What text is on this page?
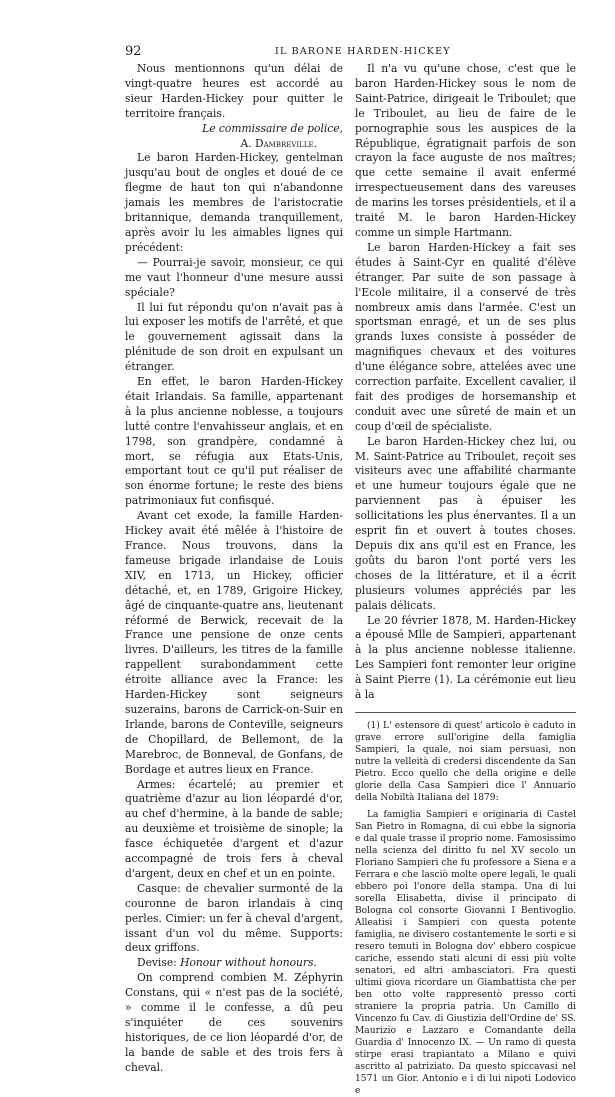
92	IL BARONE HARDEN-HICKEY

Nous mentionnons qu'un délai de vingt-quatre heures est accordé au sieur Harden-Hickey pour quitter le territoire français.

Le commissaire de police,

A. Dambreville.

Le baron Harden-Hickey, gentelman jusqu'au bout de ongles et doué de ce flegme de haut ton qui n'abandonne jamais les membres de l'aristocratie britannique, demanda tranquillement, après avoir lu les aimables lignes qui précédent:

— Pourrai-je savoir, monsieur, ce qui me vaut l'honneur d'une mesure aussi spéciale?

Il lui fut répondu qu'on n'avait pas à lui exposer les motifs de l'arrêté, et que le gouvernement agissait dans la plénitude de son droit en expulsant un étranger.

En effet, le baron Harden-Hickey était Irlandais. Sa famille, appartenant à la plus ancienne noblesse, a toujours lutté contre l'envahisseur anglais, et en 1798, son grandpère, condamné à mort, se réfugia aux Etats-Unis, emportant tout ce qu'il put réaliser de son énorme fortune; le reste des biens patrimoniaux fut confisqué.

Avant cet exode, la famille Harden-Hickey avait été mêlée à l'histoire de France. Nous trouvons, dans la fameuse brigade irlandaise de Louis XIV, en 1713, un Hickey, officier détaché, et, en 1789, Grigoire Hickey, âgé de cinquante-quatre ans, lieutenant réformé de Berwick, recevait de la France une pensione de onze cents livres. D'ailleurs, les titres de la famille rappellent surabondamment cette étroite alliance avec la France: les Harden-Hickey sont seigneurs suzerains, barons de Carrick-on-Suir en Irlande, barons de Conteville, seigneurs de Chopillard, de Bellemont, de la Marebroc, de Bonneval, de Gonfans, de Bordage et autres lieux en France.

Armes: écartelé; au premier et quatrième d'azur au lion léopardé d'or, au chef d'hermine, à la bande de sable; au deuxième et troisième de sinople; la fasce échiquetée d'argent et d'azur accompagné de trois fers à cheval d'argent, deux en chef et un en pointe.

Casque: de chevalier surmonté de la couronne de baron irlandais à cinq perles. Cimier: un fer à cheval d'argent, issant d'un vol du même. Supports: deux griffons.

Devise: Honour without honours.

On comprend combien M. Zéphyrin Constans, qui « n'est pas de la société, » comme il le confesse, a dû peu s'inquiéter de ces souvenirs historiques, de ce lion léopardé d'or, de la bande de sable et des trois fers à cheval.

Il n'a vu qu'une chose, c'est que le baron Harden-Hickey sous le nom de Saint-Patrice, dirigeait le Triboulet; que le Triboulet, au lieu de faire de le pornographie sous les auspices de la République, égratignait parfois de son crayon la face auguste de nos maîtres; que cette semaine il avait enfermé irrespectueusement dans des vareuses de marins les torses présidentiels, et il a traité M. le baron Harden-Hickey comme un simple Hartmann.

Le baron Harden-Hickey a fait ses études à Saint-Cyr en qualité d'élève étranger. Par suite de son passage à l'Ecole militaire, il a conservé de très nombreux amis dans l'armée. C'est un sportsman enragé, et un de ses plus grands luxes consiste à posséder de magnifiques chevaux et des voitures d'une élégance sobre, attelées avec une correction parfaite. Excellent cavalier, il fait des prodiges de horsemanship et conduit avec une sûreté de main et un coup d'œil de spécialiste.

Le baron Harden-Hickey chez lui, ou M. Saint-Patrice au Triboulet, reçoit ses visiteurs avec une affabilité charmante et une humeur toujours égale que ne parviennent pas à épuiser les sollicitations les plus énervantes. Il a un esprit fin et ouvert à toutes choses. Depuis dix ans qu'il est en France, les goûts du baron l'ont porté vers les choses de la littérature, et il a écrit plusieurs volumes appréciés par les palais délicats.

Le 20 février 1878, M. Harden-Hickey a épousé Mlle de Sampieri, appartenant à la plus ancienne noblesse italienne. Les Sampieri font remonter leur origine à Saint Pierre (1). La cérémonie eut lieu à la

(1) L' estensore di quest' articolo è caduto in grave errore sull'origine della famiglia Sampieri, la quale, noi siam persuasi, non nutre la velleità di credersi discendente da San Pietro. Ecco quello che della origine e delle glorie della Casa Sampieri dice l' Annuario della Nobiltà Italiana del 1879:

La famiglia Sampieri e originaria di Castel San Pietro in Romagna, di cui ebbe la signoria e dal quale trasse il proprio nome. Famosissimo nella scienza del diritto fu nel XV secolo un Floriano Sampieri che fu professore a Siena e a Ferrara e che lasciò molte opere legali, le quali ebbero poi l'onore della stampa. Una di lui sorella Elisabetta, divise il principato di Bologna col consorte Giovanni I Bentivoglio. Alleatisi i Sampieri con questa potente famiglia, ne divisero costantemente le sorti e si resero temuti in Bologna dov' ebbero cospicue cariche, essendo stati alcuni di essi più volte senatori, ed altri ambasciatori. Fra questi ultimi giova ricordare un Giambattista che per ben otto volte rappresentò presso corti straniere la propria patria. Un Camillo di Vincenzo fu Cav. di Giustizia dell'Ordine de' SS. Maurizio e Lazzaro e Comandante della Guardia d' Innocenzo IX. — Un ramo di questa stirpe erasi trapiantato a Milano e quivi ascritto al patriziato. Da questo spiccavasi nel 1571 un Gior. Antonio e i di lui nipoti Lodovico e
